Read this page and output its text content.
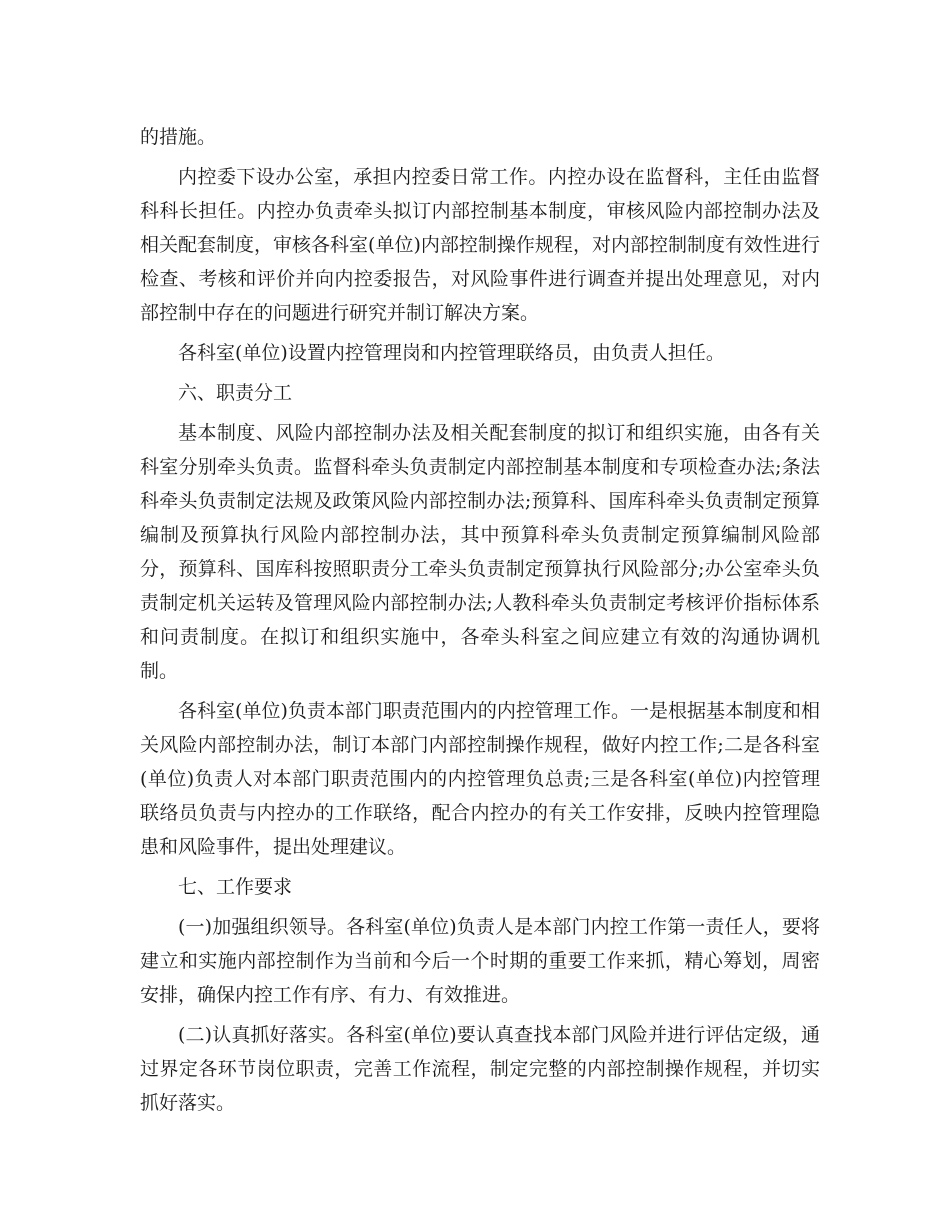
的措施。

内控委下设办公室，承担内控委日常工作。内控办设在监督科，主任由监督科科长担任。内控办负责牵头拟订内部控制基本制度，审核风险内部控制办法及相关配套制度，审核各科室(单位)内部控制操作规程，对内部控制制度有效性进行检查、考核和评价并向内控委报告，对风险事件进行调查并提出处理意见，对内部控制中存在的问题进行研究并制订解决方案。

各科室(单位)设置内控管理岗和内控管理联络员，由负责人担任。

六、职责分工

基本制度、风险内部控制办法及相关配套制度的拟订和组织实施，由各有关科室分别牵头负责。监督科牵头负责制定内部控制基本制度和专项检查办法;条法科牵头负责制定法规及政策风险内部控制办法;预算科、国库科牵头负责制定预算编制及预算执行风险内部控制办法，其中预算科牵头负责制定预算编制风险部分，预算科、国库科按照职责分工牵头负责制定预算执行风险部分;办公室牵头负责制定机关运转及管理风险内部控制办法;人教科牵头负责制定考核评价指标体系和问责制度。在拟订和组织实施中，各牵头科室之间应建立有效的沟通协调机制。

各科室(单位)负责本部门职责范围内的内控管理工作。一是根据基本制度和相关风险内部控制办法，制订本部门内部控制操作规程，做好内控工作;二是各科室(单位)负责人对本部门职责范围内的内控管理负总责;三是各科室(单位)内控管理联络员负责与内控办的工作联络，配合内控办的有关工作安排，反映内控管理隐患和风险事件，提出处理建议。

七、工作要求

(一)加强组织领导。各科室(单位)负责人是本部门内控工作第一责任人，要将建立和实施内部控制作为当前和今后一个时期的重要工作来抓，精心筹划，周密安排，确保内控工作有序、有力、有效推进。

(二)认真抓好落实。各科室(单位)要认真查找本部门风险并进行评估定级，通过界定各环节岗位职责，完善工作流程，制定完整的内部控制操作规程，并切实抓好落实。
